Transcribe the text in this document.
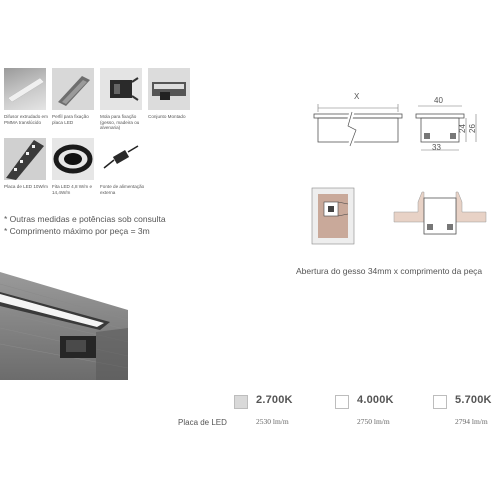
Difusor extrudado em PMMA translúcido
Perfil para fixação placa LED
Mola para fixação (gesso, madeira ou alvenaria)
Conjunto Montado
Placa de LED 10W/m Fita LED 4,8 W/m e 14,4W/m
Fonte de alimentação externa
* Outras medidas e potências sob consulta
* Comprimento máximo por peça = 3m
X	40
24 26
33
Abertura do gesso 34mm x comprimento da peça
Placa de LED
2.700K
2530 lm/m
4.000K
2750 lm/m
5.700K
2794 lm/m
